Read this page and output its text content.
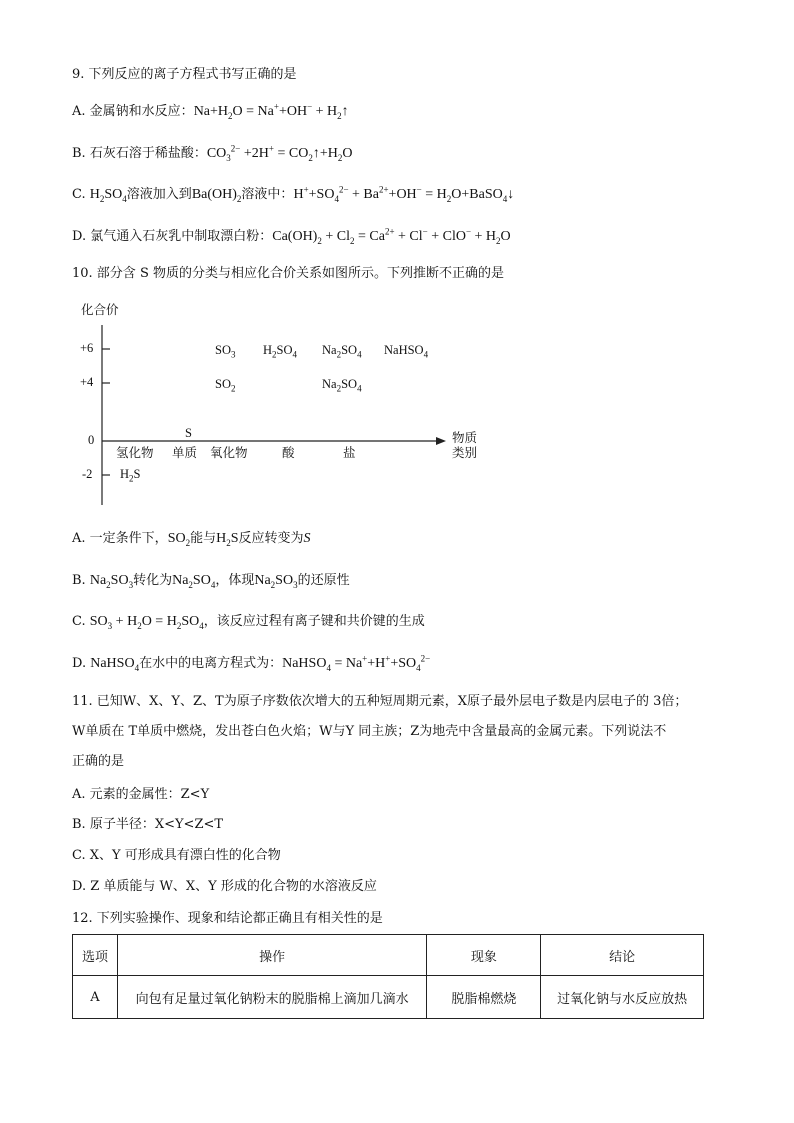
9. 下列反应的离子方程式书写正确的是
A. 金属钠和水反应：$Na+H_2O = Na^++OH^-$ + $H_2↑$
B. 石灰石溶于稀盐酸：$CO_3^{2-} +2H^+$ = $CO_2↑+H_2O$
C. $H_2SO_4$溶液加入到$Ba(OH)_2$溶液中：$H^++SO_4^{2-} + Ba^{2+}+OH^-$ = $H_2O+BaSO_4↓$
D. 氯气通入石灰乳中制取漂白粉：$Ca(OH)_2 + Cl_2 = Ca^{2+} + Cl^- + ClO^- + H_2O$
10. 部分含 S 物质的分类与相应化合价关系如图所示。下列推断不正确的是
化合价
物质
类别
+6
+4
0
-2
氢化物 单质 氧化物	酸	盐
$SO_3$ $H_2SO_4$ $Na_2SO_4$ NaHSO$_4$
$SO_2$	$Na_2SO_4$
S
$H_2S$
A. 一定条件下，$SO_2$能与$H_2S$反应转变为S
B. $Na_2SO_3$转化为$Na_2SO_4$，体现$Na_2SO_3$的还原性
C. $SO_3 + H_2O = H_2SO_4$，该反应过程有离子键和共价键的生成
D. NaHSO$_4$在水中的电离方程式为：NaHSO$_4$ = $Na^++H^++SO_4^{2-}$
11. 已知W、X、Y、Z、T为原子序数依次增大的五种短周期元素，X原子最外层电子数是内层电子的 3倍；
W单质在 T单质中燃烧，发出苍白色火焰；W与Y 同主族；Z为地壳中含量最高的金属元素。下列说法不
正确的是
A. 元素的金属性：Z<Y
B. 原子半径：X<Y<Z<T
C. X、Y 可形成具有漂白性的化合物
D. Z 单质能与 W、X、Y 形成的化合物的水溶液反应
12. 下列实验操作、现象和结论都正确且有相关性的是
选项	操作	现象	结论
A	向包有足量过氧化钠粉末的脱脂棉上滴加几滴水	脱脂棉燃烧	过氧化钠与水反应放热
